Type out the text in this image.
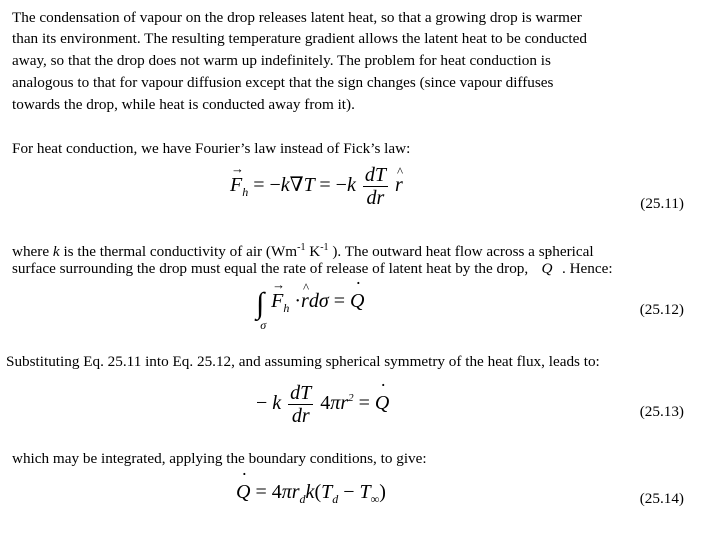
The condensation of vapour on the drop releases latent heat, so that a growing drop is warmer
than its environment. The resulting temperature gradient allows the latent heat to be conducted
away, so that the drop does not warm up indefinitely. The problem for heat conduction is
analogous to that for vapour diffusion except that the sign changes (since vapour diffuses
towards the drop, while heat is conducted away from it).
For heat conduction, we have Fourier’s law instead of Fick’s law:
→ $F_h = -k\nabla T = -k \frac{dT}{dr}$ ^ r
(25.11)
where k is the thermal conductivity of air ($Wm^{-1}$ $K^{-1}$ ). The outward heat flow across a spherical
surface surrounding the drop must equal the rate of release of latent heat by the drop, ˙ Q . Hence:
$\int_\sigma \to F_h$ ·^ rdσ = ˙ Q	(25.12)
Substituting Eq. 25.11 into Eq. 25.12, and assuming spherical symmetry of the heat flux, leads to:
− k $\frac{dT}{dr} 4\pi r^2$ = ˙ Q	(25.13)
which may be integrated, applying the boundary conditions, to give:
˙ $Q = 4\pi r_dk(T_d - T_\infty)$	(25.14)
